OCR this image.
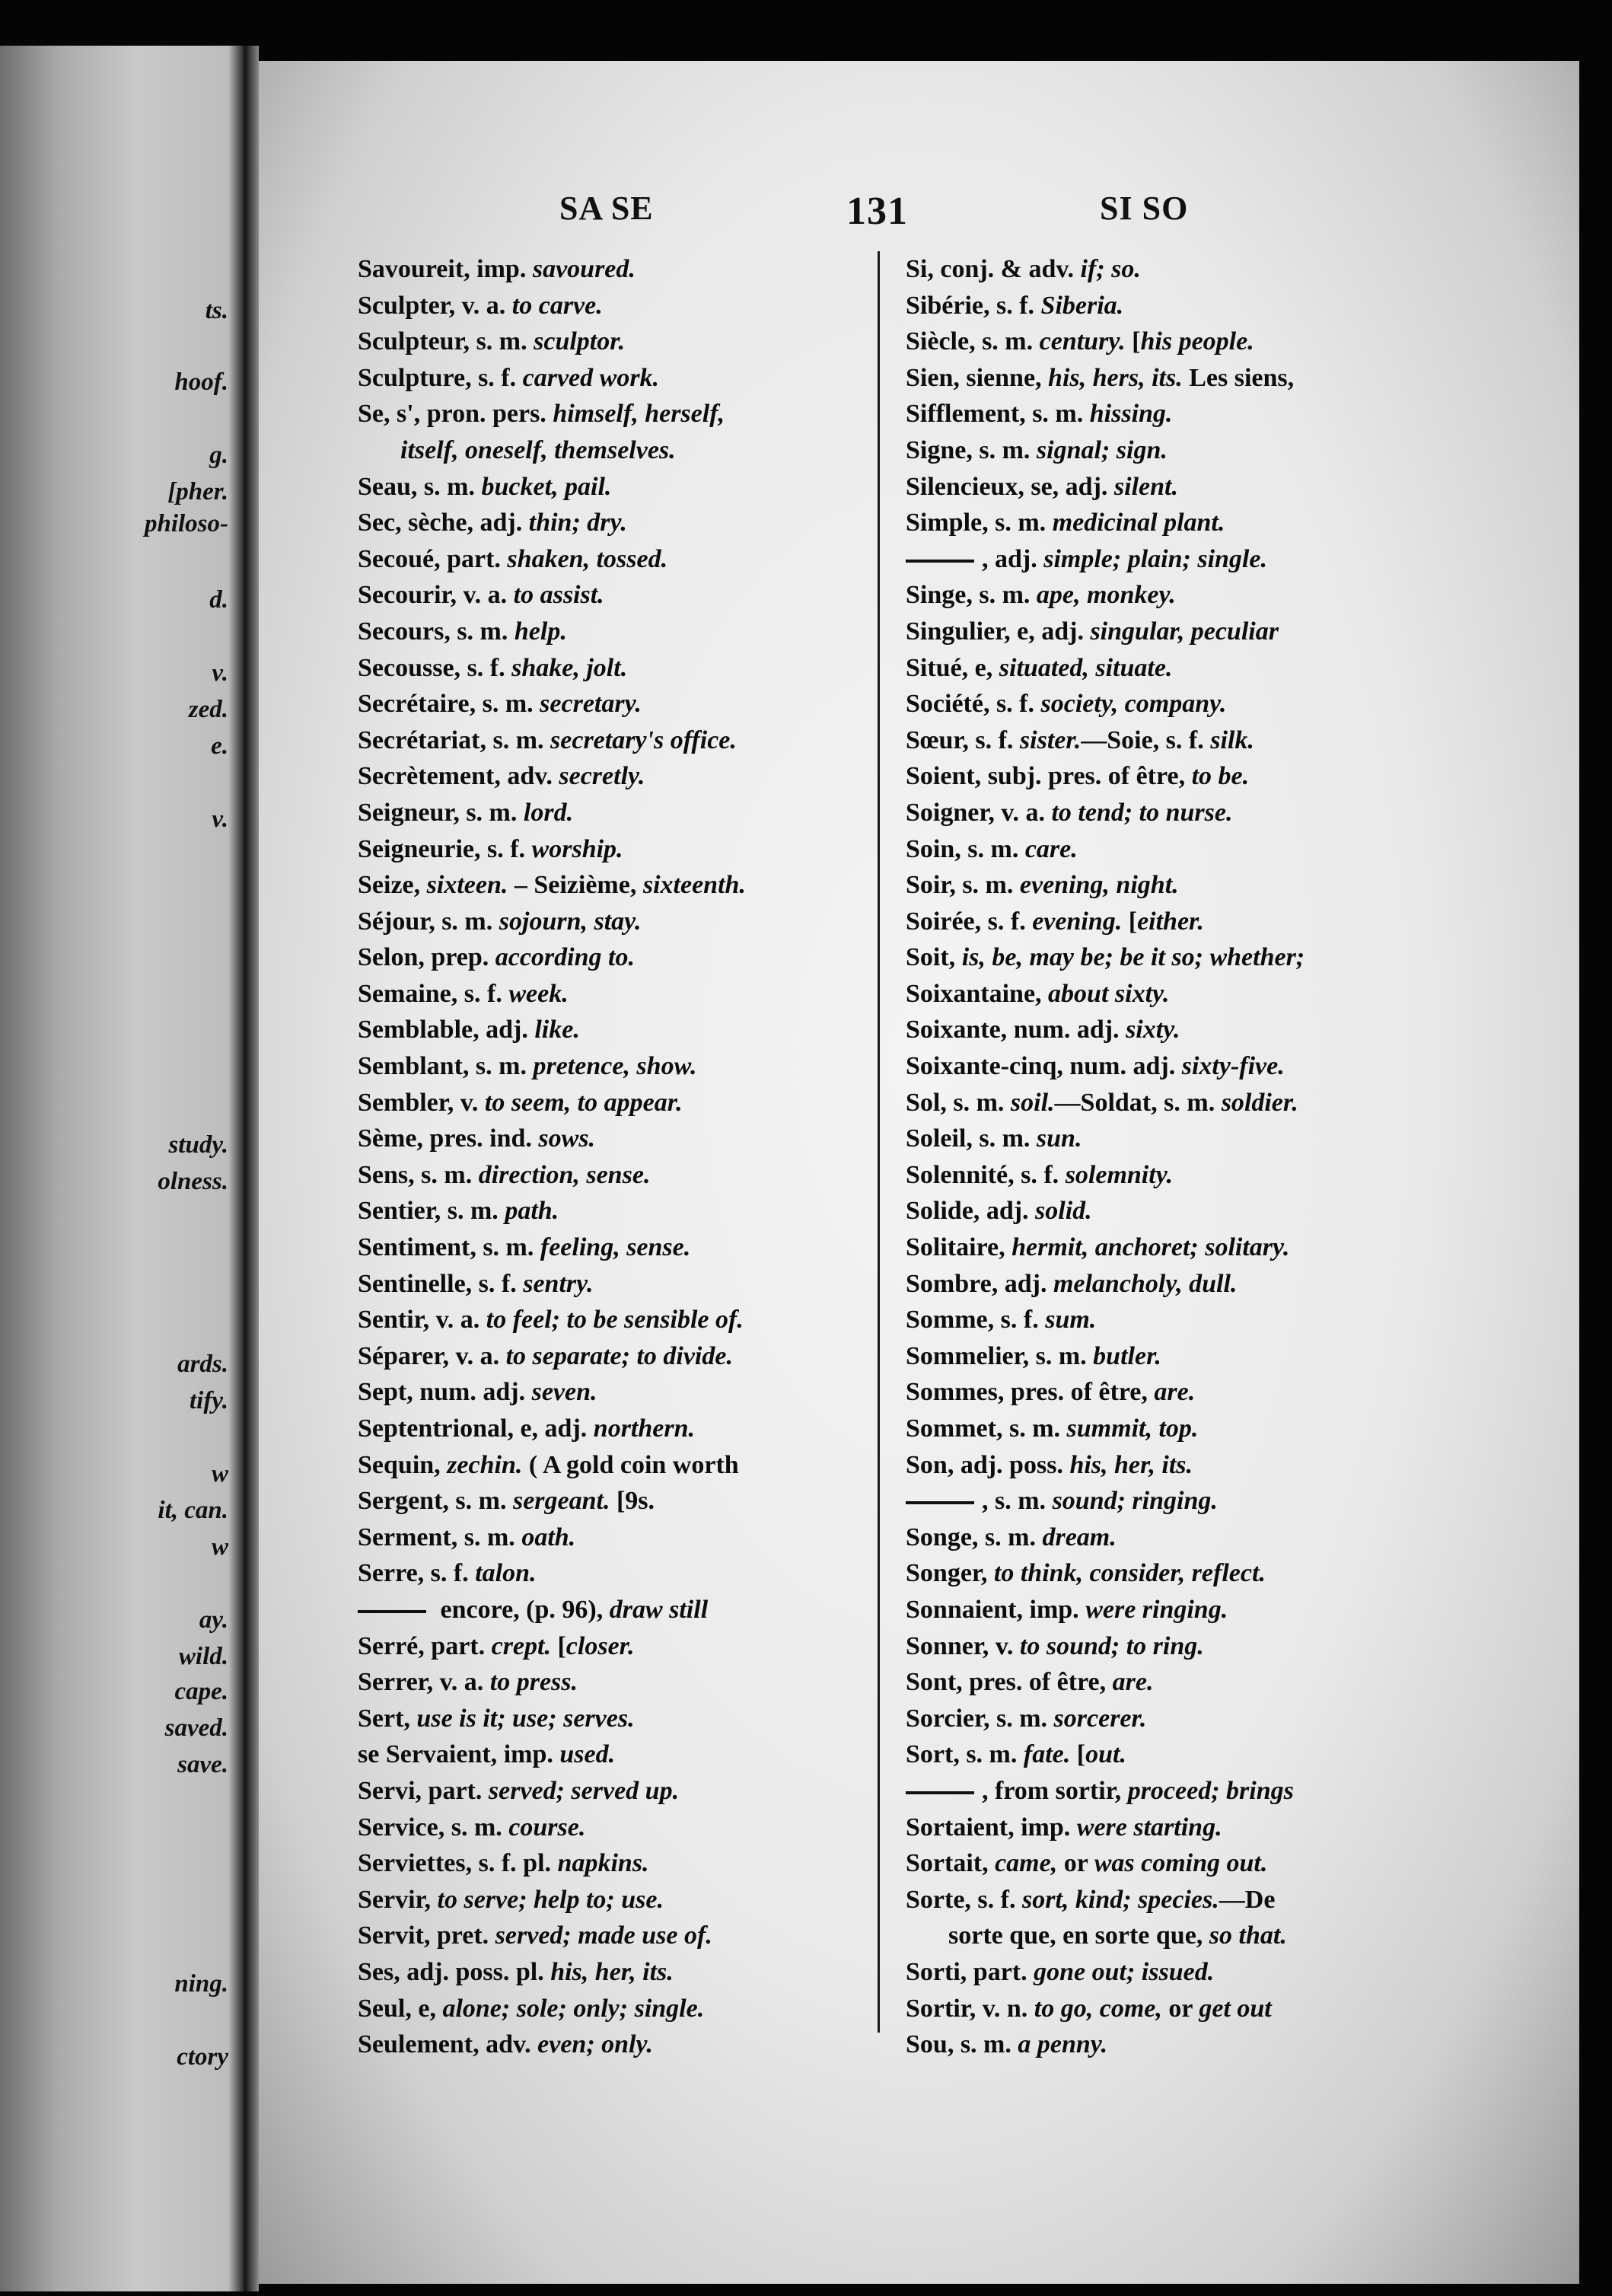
ts.
hoof.
g.
[pher.
philoso-
d.
v.
zed.
e.
v.
study.
olness.
ards.
tify.
w
it, can.
w
ay.
wild.
cape.
saved.
save.
ning.
ctory
SA SE	131	SI SO
Savoureit, imp. savoured.
Sculpter, v. a. to carve.
Sculpteur, s. m. sculptor.
Sculpture, s. f. carved work.
Se, s', pron. pers. himself, herself,
itself, oneself, themselves.
Seau, s. m. bucket, pail.
Sec, sèche, adj. thin; dry.
Secoué, part. shaken, tossed.
Secourir, v. a. to assist.
Secours, s. m. help.
Secousse, s. f. shake, jolt.
Secrétaire, s. m. secretary.
Secrétariat, s. m. secretary's office.
Secrètement, adv. secretly.
Seigneur, s. m. lord.
Seigneurie, s. f. worship.
Seize, sixteen. – Seizième, sixteenth.
Séjour, s. m. sojourn, stay.
Selon, prep. according to.
Semaine, s. f. week.
Semblable, adj. like.
Semblant, s. m. pretence, show.
Sembler, v. to seem, to appear.
Sème, pres. ind. sows.
Sens, s. m. direction, sense.
Sentier, s. m. path.
Sentiment, s. m. feeling, sense.
Sentinelle, s. f. sentry.
Sentir, v. a. to feel; to be sensible of.
Séparer, v. a. to separate; to divide.
Sept, num. adj. seven.
Septentrional, e, adj. northern.
Sequin, zechin. ( A gold coin worth
Sergent, s. m. sergeant. [9s.
Serment, s. m. oath.
Serre, s. f. talon.
encore, (p. 96), draw still
Serré, part. crept. [closer.
Serrer, v. a. to press.
Sert, use is it; use; serves.
se Servaient, imp. used.
Servi, part. served; served up.
Service, s. m. course.
Serviettes, s. f. pl. napkins.
Servir, to serve; help to; use.
Servit, pret. served; made use of.
Ses, adj. poss. pl. his, her, its.
Seul, e, alone; sole; only; single.
Seulement, adv. even; only.
Si, conj. & adv. if; so.
Sibérie, s. f. Siberia.
Siècle, s. m. century. [his people.
Sien, sienne, his, hers, its. Les siens,
Sifflement, s. m. hissing.
Signe, s. m. signal; sign.
Silencieux, se, adj. silent.
Simple, s. m. medicinal plant.
, adj. simple; plain; single.
Singe, s. m. ape, monkey.
Singulier, e, adj. singular, peculiar
Situé, e, situated, situate.
Société, s. f. society, company.
Sœur, s. f. sister.—Soie, s. f. silk.
Soient, subj. pres. of être, to be.
Soigner, v. a. to tend; to nurse.
Soin, s. m. care.
Soir, s. m. evening, night.
Soirée, s. f. evening. [either.
Soit, is, be, may be; be it so; whether;
Soixantaine, about sixty.
Soixante, num. adj. sixty.
Soixante-cinq, num. adj. sixty-five.
Sol, s. m. soil.—Soldat, s. m. soldier.
Soleil, s. m. sun.
Solennité, s. f. solemnity.
Solide, adj. solid.
Solitaire, hermit, anchoret; solitary.
Sombre, adj. melancholy, dull.
Somme, s. f. sum.
Sommelier, s. m. butler.
Sommes, pres. of être, are.
Sommet, s. m. summit, top.
Son, adj. poss. his, her, its.
, s. m. sound; ringing.
Songe, s. m. dream.
Songer, to think, consider, reflect.
Sonnaient, imp. were ringing.
Sonner, v. to sound; to ring.
Sont, pres. of être, are.
Sorcier, s. m. sorcerer.
Sort, s. m. fate. [out.
, from sortir, proceed; brings
Sortaient, imp. were starting.
Sortait, came, or was coming out.
Sorte, s. f. sort, kind; species.—De
sorte que, en sorte que, so that.
Sorti, part. gone out; issued.
Sortir, v. n. to go, come, or get out
Sou, s. m. a penny.
